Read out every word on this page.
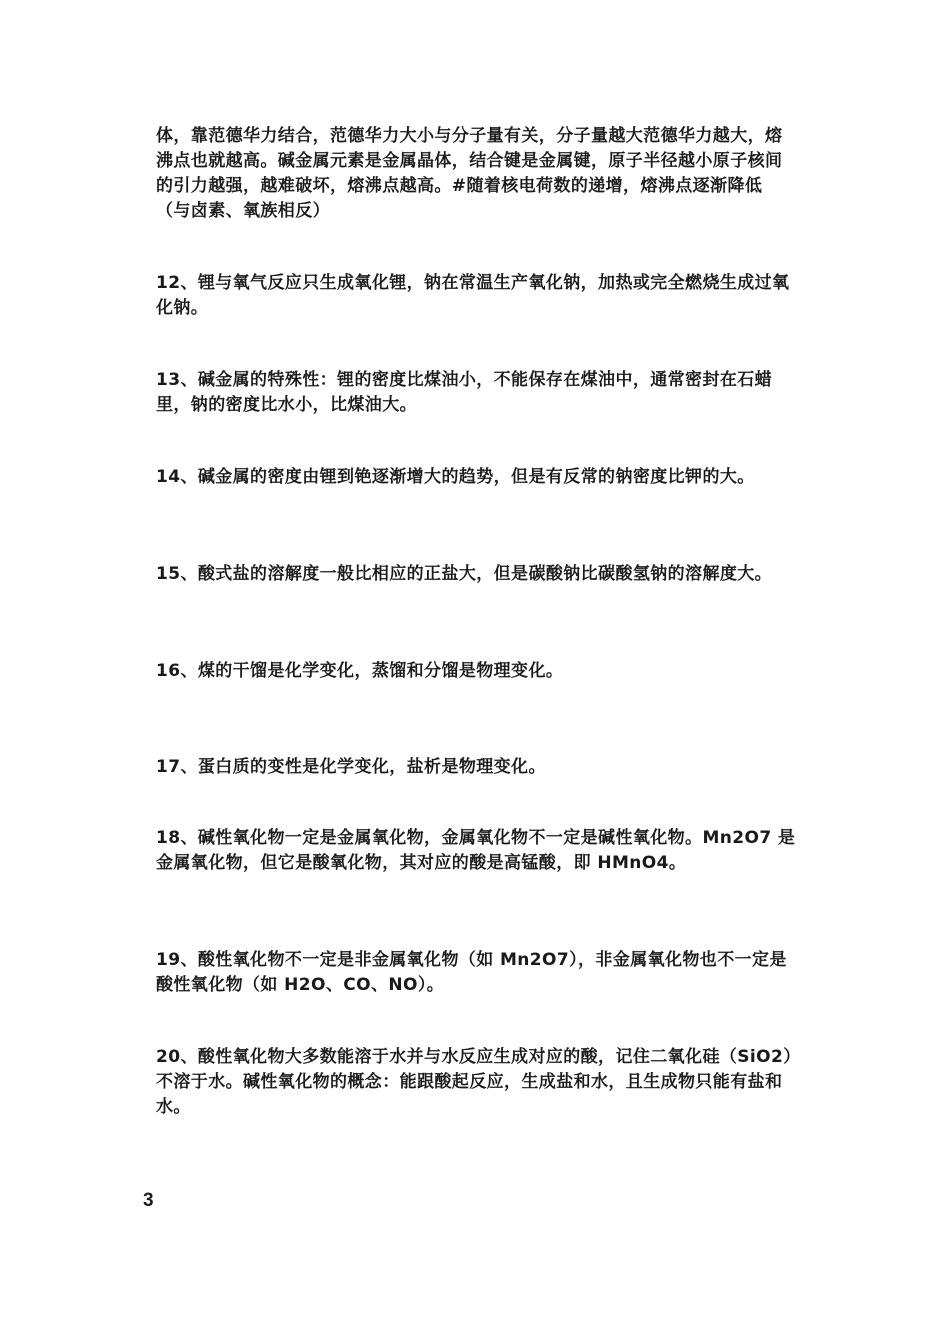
体，靠范德华力结合，范德华力大小与分子量有关，分子量越大范德华力越大，熔沸点也就越高。碱金属元素是金属晶体，结合键是金属键，原子半径越小原子核间的引力越强，越难破坏，熔沸点越高。#随着核电荷数的递增，熔沸点逐渐降低（与卤素、氧族相反）

12、锂与氧气反应只生成氧化锂，钠在常温生产氧化钠，加热或完全燃烧生成过氧化钠。

13、碱金属的特殊性：锂的密度比煤油小，不能保存在煤油中，通常密封在石蜡里，钠的密度比水小，比煤油大。

14、碱金属的密度由锂到铯逐渐增大的趋势，但是有反常的钠密度比钾的大。

15、酸式盐的溶解度一般比相应的正盐大，但是碳酸钠比碳酸氢钠的溶解度大。

16、煤的干馏是化学变化，蒸馏和分馏是物理变化。

17、蛋白质的变性是化学变化，盐析是物理变化。

18、碱性氧化物一定是金属氧化物，金属氧化物不一定是碱性氧化物。Mn2O7 是金属氧化物，但它是酸氧化物，其对应的酸是高锰酸，即 HMnO4。

19、酸性氧化物不一定是非金属氧化物（如 Mn2O7），非金属氧化物也不一定是酸性氧化物（如 H2O、CO、NO）。

20、酸性氧化物大多数能溶于水并与水反应生成对应的酸，记住二氧化硅（SiO2）不溶于水。碱性氧化物的概念：能跟酸起反应，生成盐和水，且生成物只能有盐和水。

3
